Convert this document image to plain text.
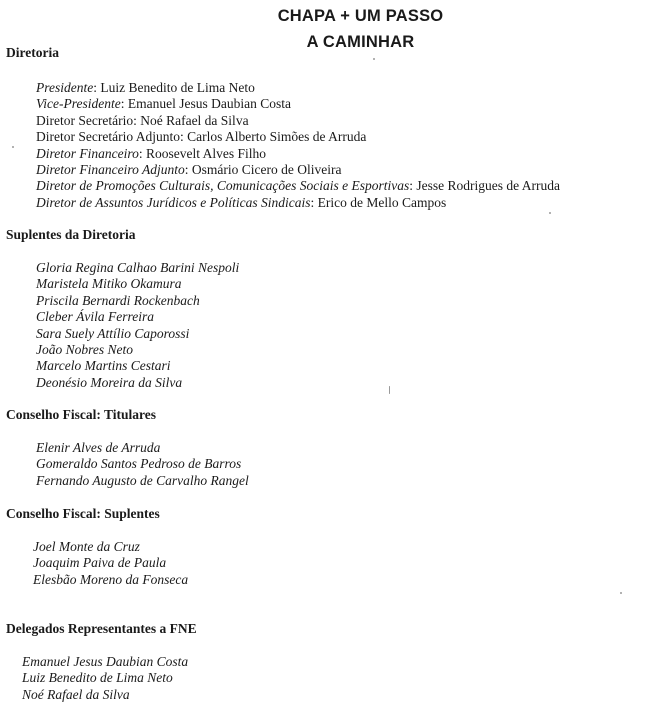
CHAPA + UM PASSO
A CAMINHAR
Diretoria
Presidente: Luiz Benedito de Lima Neto
Vice-Presidente: Emanuel Jesus Daubian Costa
Diretor Secretário: Noé Rafael da Silva
Diretor Secretário Adjunto: Carlos Alberto Simões de Arruda
Diretor Financeiro: Roosevelt Alves Filho
Diretor Financeiro Adjunto: Osmário Cicero de Oliveira
Diretor de Promoções Culturais, Comunicações Sociais e Esportivas: Jesse Rodrigues de Arruda
Diretor de Assuntos Jurídicos e Políticas Sindicais: Erico de Mello Campos
Suplentes da Diretoria
Gloria Regina Calhao Barini Nespoli
Maristela Mitiko Okamura
Priscila Bernardi Rockenbach
Cleber Ávila Ferreira
Sara Suely Attílio Caporossi
João Nobres Neto
Marcelo Martins Cestari
Deonésio Moreira da Silva
Conselho Fiscal: Titulares
Elenir Alves de Arruda
Gomeraldo Santos Pedroso de Barros
Fernando Augusto de Carvalho Rangel
Conselho Fiscal: Suplentes
Joel Monte da Cruz
Joaquim Paiva de Paula
Elesbão Moreno da Fonseca
Delegados Representantes a FNE
Emanuel Jesus Daubian Costa
Luiz Benedito de Lima Neto
Noé Rafael da Silva
